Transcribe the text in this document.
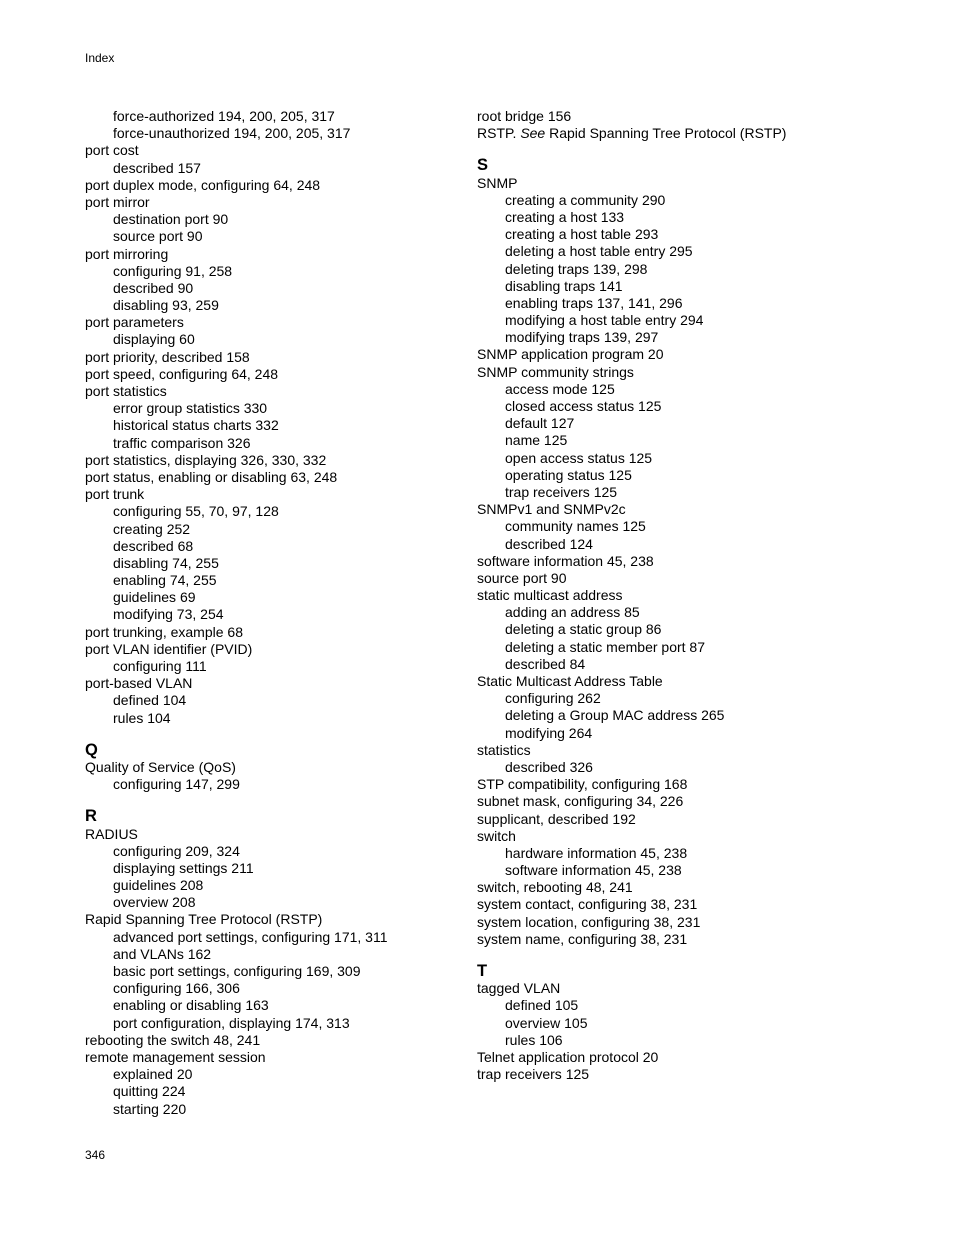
Index
force-authorized 194, 200, 205, 317
force-unauthorized 194, 200, 205, 317
port cost
described 157
port duplex mode, configuring 64, 248
port mirror
destination port 90
source port 90
port mirroring
configuring 91, 258
described 90
disabling 93, 259
port parameters
displaying 60
port priority, described 158
port speed, configuring 64, 248
port statistics
error group statistics 330
historical status charts 332
traffic comparison 326
port statistics, displaying 326, 330, 332
port status, enabling or disabling 63, 248
port trunk
configuring 55, 70, 97, 128
creating 252
described 68
disabling 74, 255
enabling 74, 255
guidelines 69
modifying 73, 254
port trunking, example 68
port VLAN identifier (PVID)
configuring 111
port-based VLAN
defined 104
rules 104
Q
Quality of Service (QoS)
configuring 147, 299
R
RADIUS
configuring 209, 324
displaying settings 211
guidelines 208
overview 208
Rapid Spanning Tree Protocol (RSTP)
advanced port settings, configuring 171, 311
and VLANs 162
basic port settings, configuring 169, 309
configuring 166, 306
enabling or disabling 163
port configuration, displaying 174, 313
rebooting the switch 48, 241
remote management session
explained 20
quitting 224
starting 220
root bridge 156
RSTP. See Rapid Spanning Tree Protocol (RSTP)
S
SNMP
creating a community 290
creating a host 133
creating a host table 293
deleting a host table entry 295
deleting traps 139, 298
disabling traps 141
enabling traps 137, 141, 296
modifying a host table entry 294
modifying traps 139, 297
SNMP application program 20
SNMP community strings
access mode 125
closed access status 125
default 127
name 125
open access status 125
operating status 125
trap receivers 125
SNMPv1 and SNMPv2c
community names 125
described 124
software information 45, 238
source port 90
static multicast address
adding an address 85
deleting a static group 86
deleting a static member port 87
described 84
Static Multicast Address Table
configuring 262
deleting a Group MAC address 265
modifying 264
statistics
described 326
STP compatibility, configuring 168
subnet mask, configuring 34, 226
supplicant, described 192
switch
hardware information 45, 238
software information 45, 238
switch, rebooting 48, 241
system contact, configuring 38, 231
system location, configuring 38, 231
system name, configuring 38, 231
T
tagged VLAN
defined 105
overview 105
rules 106
Telnet application protocol 20
trap receivers 125
346
